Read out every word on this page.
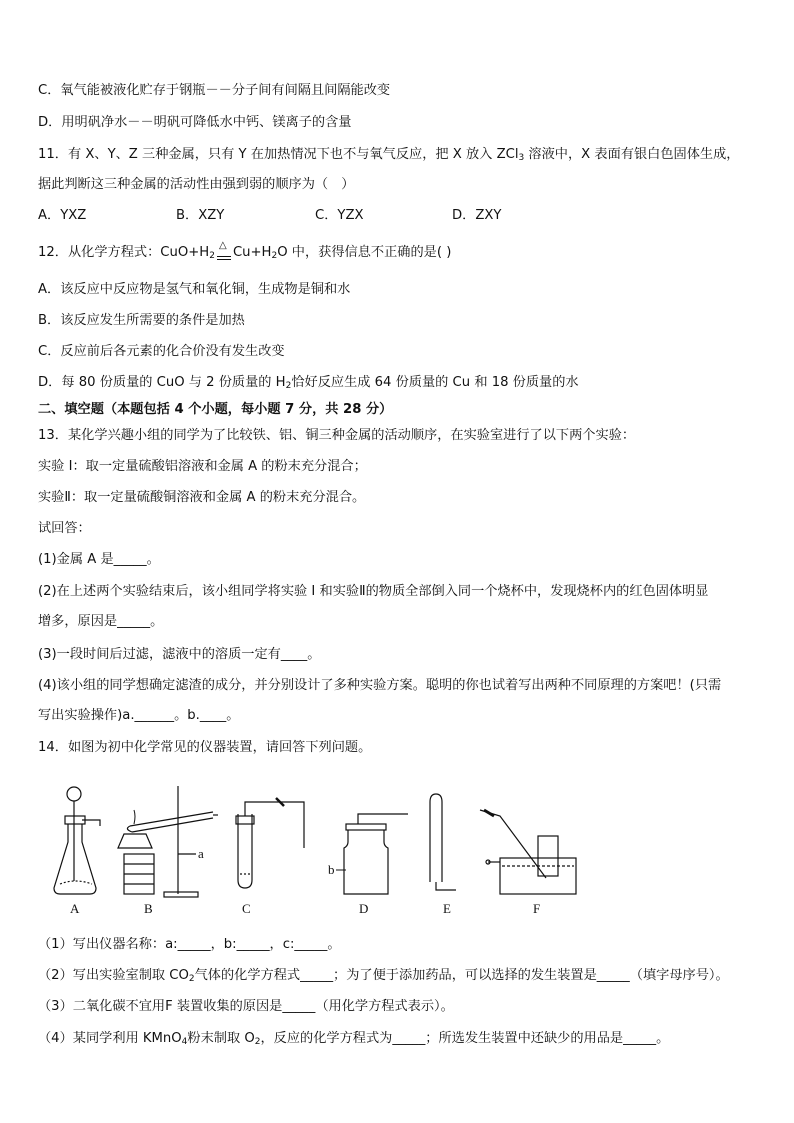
C．氧气能被液化贮存于钢瓶－－分子间有间隔且间隔能改变
D．用明矾净水－－明矾可降低水中钙、镁离子的含量
11．有 X、Y、Z 三种金属，只有 Y 在加热情况下也不与氧气反应，把 X 放入 ZCl$_3$ 溶液中，X 表面有银白色固体生成，
据此判断这三种金属的活动性由强到弱的顺序为（　）
A．YXZ	B．XZY	C．YZX	D．ZXY
12．从化学方程式：$CuO+H_2$
△ $Cu+H_2O$ 中，获得信息不正确的是( )
A．该反应中反应物是氢气和氧化铜，生成物是铜和水
B．该反应发生所需要的条件是加热
C．反应前后各元素的化合价没有发生改变
D．每 80 份质量的 CuO 与 2 份质量的 $H_2$恰好反应生成 64 份质量的 Cu 和 18 份质量的水
二、填空题（本题包括 4 个小题，每小题 7 分，共 28 分）
13．某化学兴趣小组的同学为了比较铁、铝、铜三种金属的活动顺序，在实验室进行了以下两个实验：
实验 I：取一定量硫酸铝溶液和金属 A 的粉末充分混合；
实验Ⅱ：取一定量硫酸铜溶液和金属 A 的粉末充分混合。
试回答：
(1)金属 A 是_____。
(2)在上述两个实验结束后，该小组同学将实验 I 和实验Ⅱ的物质全部倒入同一个烧杯中，发现烧杯内的红色固体明显
增多，原因是_____。
(3)一段时间后过滤，滤液中的溶质一定有____。
(4)该小组的同学想确定滤渣的成分，并分别设计了多种实验方案。聪明的你也试着写出两种不同原理的方案吧！(只需
写出实验操作)a.______。b.____。
14．如图为初中化学常见的仪器装置，请回答下列问题。
a
b
A	B	C	D	E	F
（1）写出仪器名称：a:_____，b:_____，c:_____。
（2）写出实验室制取 $CO_2$气体的化学方程式_____；为了便于添加药品，可以选择的发生装置是_____（填字母序号）。
（3）二氧化碳不宜用F 装置收集的原因是_____（用化学方程式表示）。
（4）某同学利用 KMnO$_4$粉末制取 $O_2$，反应的化学方程式为_____；所选发生装置中还缺少的用品是_____。
